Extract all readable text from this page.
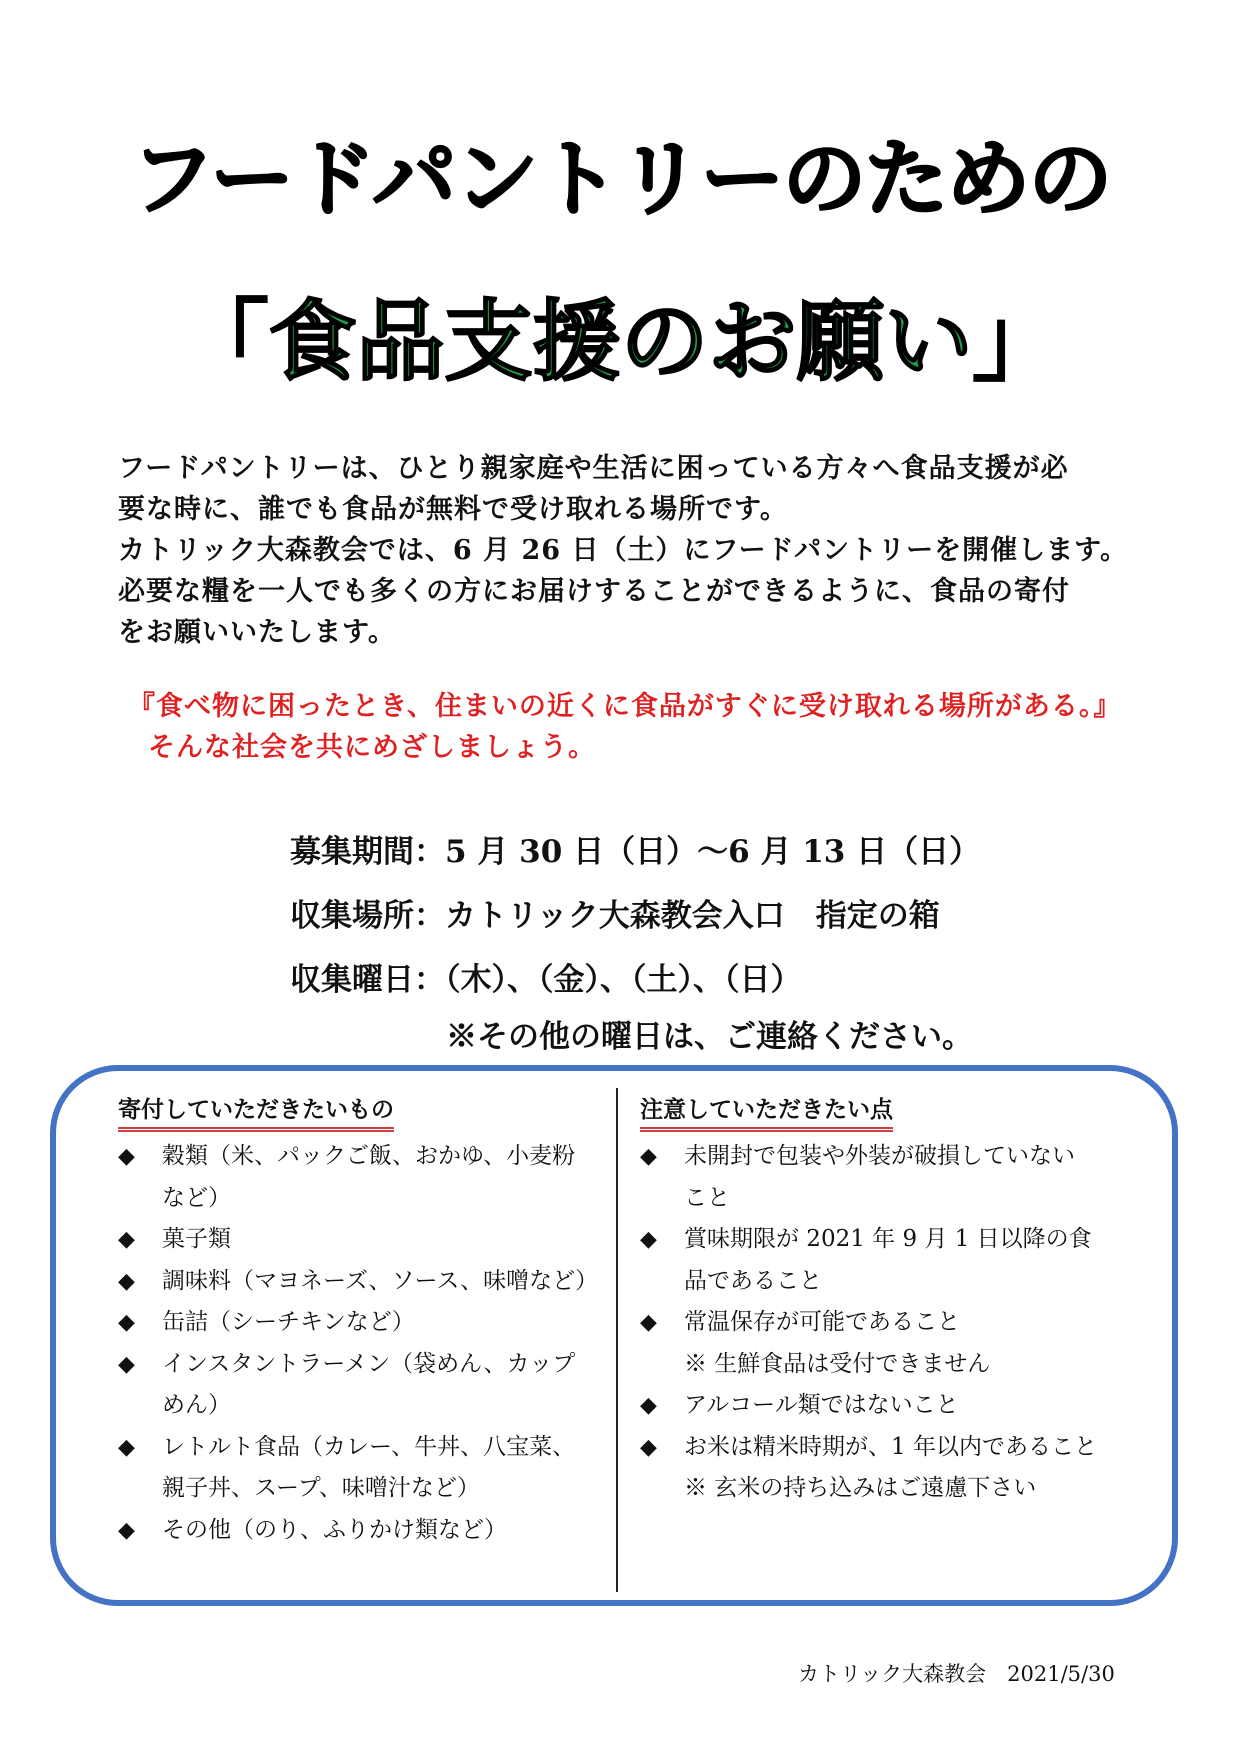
フードパントリーのための
「食品支援のお願い」

フードパントリーは、ひとり親家庭や生活に困っている方々へ食品支援が必

要な時に、誰でも食品が無料で受け取れる場所です。

カトリック大森教会では、6 月 26 日（土）にフードパントリーを開催します。

必要な糧を一人でも多くの方にお届けすることができるように、食品の寄付

をお願いいたします。

『食べ物に困ったとき、住まいの近くに食品がすぐに受け取れる場所がある。』

そんな社会を共にめざしましょう。

募集期間：5 月 30 日（日）～6 月 13 日（日）
収集場所：カトリック大森教会入口　指定の箱
収集曜日：（木）、（金）、（土）、（日）
※その他の曜日は、ご連絡ください。
寄付していただきたいもの
◆ 穀類（米、パックご飯、おかゆ、小麦粉
など）
◆ 菓子類
◆ 調味料（マヨネーズ、ソース、味噌など）
◆ 缶詰（シーチキンなど）
◆ インスタントラーメン（袋めん、カップ
めん）
◆ レトルト食品（カレー、牛丼、八宝菜、
親子丼、スープ、味噌汁など）
◆ その他（のり、ふりかけ類など）
注意していただきたい点
◆ 未開封で包装や外装が破損していない
こと
◆ 賞味期限が 2021 年 9 月 1 日以降の食
品であること
◆ 常温保存が可能であること
※ 生鮮食品は受付できません
◆ アルコール類ではないこと
◆ お米は精米時期が、1 年以内であること
※ 玄米の持ち込みはご遠慮下さい
カトリック大森教会　2021/5/30
